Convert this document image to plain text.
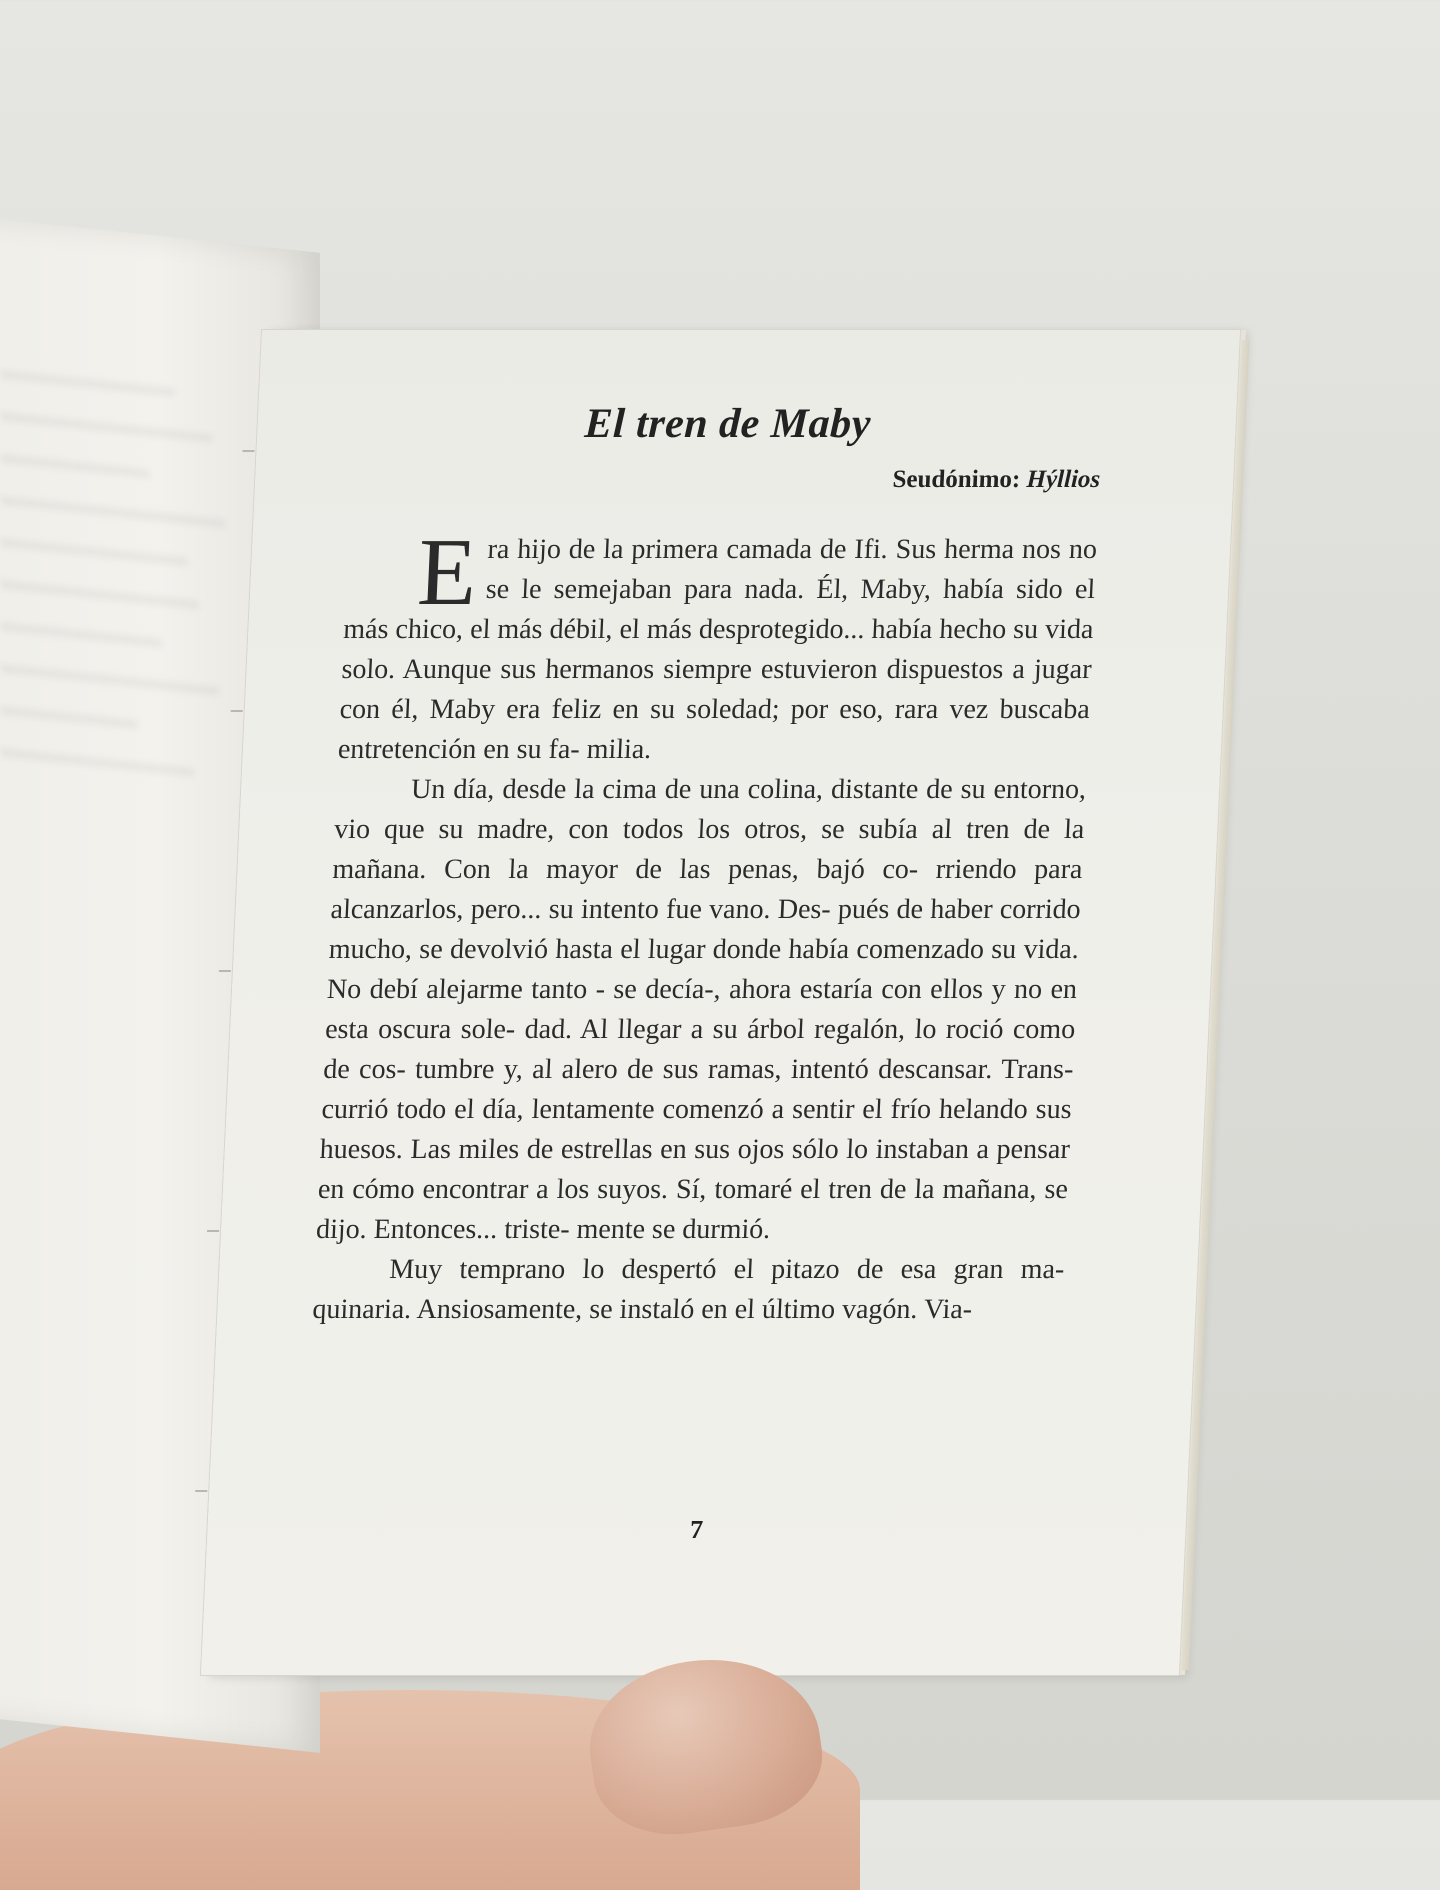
El tren de Maby
Seudónimo: Hýllios

E ra hijo de la primera camada de Ifi. Sus herma nos no se le semejaban para nada. Él, Maby, había sido el más chico, el más débil, el más desprotegido... había hecho su vida solo. Aunque sus hermanos siempre estuvieron dispuestos a jugar con él, Maby era feliz en su soledad; por eso, rara vez buscaba entretención en su fa- milia.

Un día, desde la cima de una colina, distante de su entorno, vio que su madre, con todos los otros, se subía al tren de la mañana. Con la mayor de las penas, bajó co- rriendo para alcanzarlos, pero... su intento fue vano. Des- pués de haber corrido mucho, se devolvió hasta el lugar donde había comenzado su vida. No debí alejarme tanto - se decía-, ahora estaría con ellos y no en esta oscura sole- dad. Al llegar a su árbol regalón, lo roció como de cos- tumbre y, al alero de sus ramas, intentó descansar. Trans- currió todo el día, lentamente comenzó a sentir el frío helando sus huesos. Las miles de estrellas en sus ojos sólo lo instaban a pensar en cómo encontrar a los suyos. Sí, tomaré el tren de la mañana, se dijo. Entonces... triste- mente se durmió.

Muy temprano lo despertó el pitazo de esa gran ma- quinaria. Ansiosamente, se instaló en el último vagón. Via-

7
